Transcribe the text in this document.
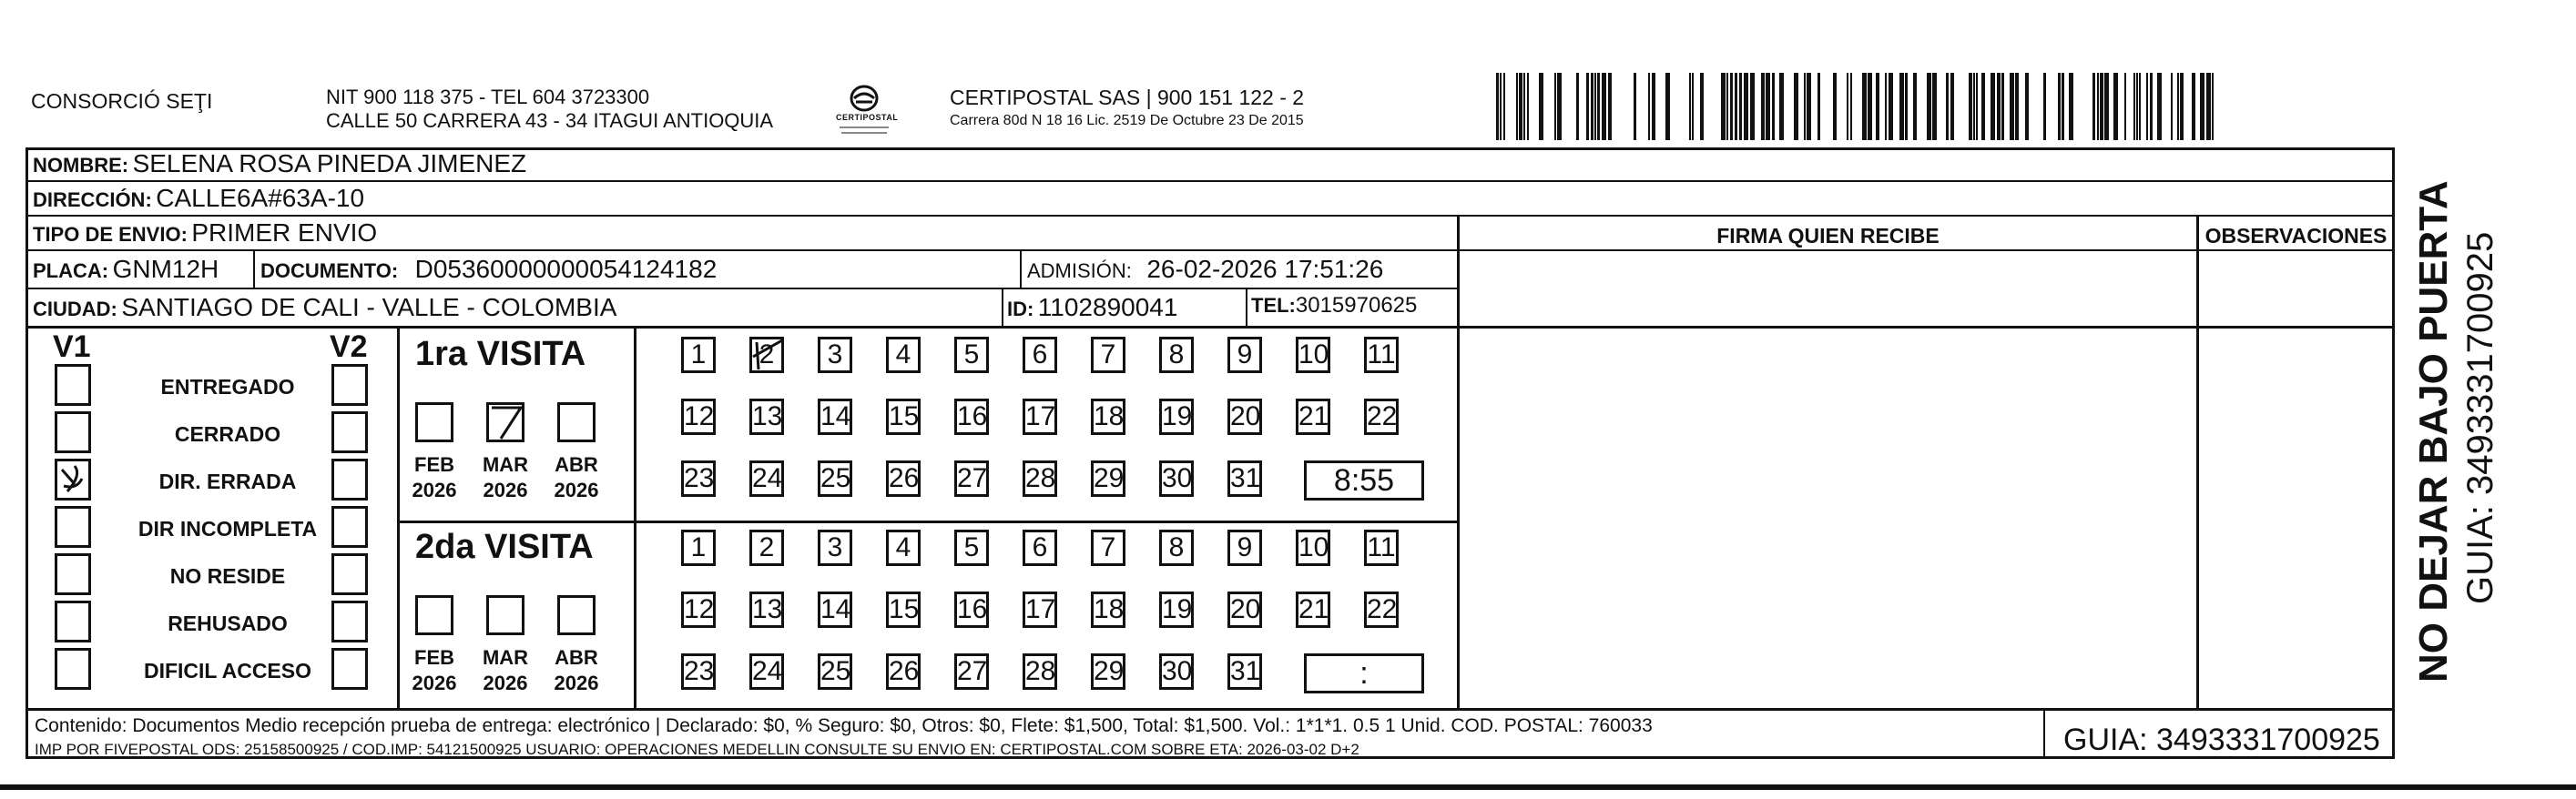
CONSORCIÓ SEŢI	NIT 900 118 375 - TEL 604 3723300
CALLE 50 CARRERA 43 - 34 ITAGUI ANTIOQUIA	CERTIPOSTAL
CERTIPOSTAL SAS | 900 151 122 - 2
Carrera 80d N 18 16 Lic. 2519 De Octubre 23 De 2015
NOMBRE: SELENA ROSA PINEDA JIMENEZ
DIRECCIÓN: CALLE6A#63A-10
TIPO DE ENVIO: PRIMER ENVIO	FIRMA QUIEN RECIBE	OBSERVACIONES
PLACA: GNM12H DOCUMENTO: D05360000000054124182	ADMISIÓN: 26-02-2026 17:51:26
CIUDAD: SANTIAGO DE CALI - VALLE - COLOMBIA	ID: 1102890041	TEL:3015970625
V1	V2
ENTREGADO
CERRADO
DIR. ERRADA
DIR INCOMPLETA
NO RESIDE
REHUSADO
DIFICIL ACCESO
1ra VISITA
2da VISITA
FEB
2026
MAR
2026
ABR
2026
1	2	3	4	5	6	7	8	9	10 11
12 13 14 15 16 17 18 19 20 21 22
23 24 25 26 27 28 29 30 31	8:55
FEB
2026
MAR
2026
ABR
2026
1	2	3	4	5	6	7	8	9	10 11
12 13 14 15 16 17 18 19 20 21 22
23 24 25 26 27 28 29 30 31	:
Contenido: Documentos Medio recepción prueba de entrega: electrónico | Declarado: $0, % Seguro: $0, Otros: $0, Flete: $1,500, Total: $1,500. Vol.: 1*1*1. 0.5 1 Unid. COD. POSTAL: 760033
IMP POR FIVEPOSTAL ODS: 25158500925 / COD.IMP: 54121500925 USUARIO: OPERACIONES MEDELLIN CONSULTE SU ENVIO EN: CERTIPOSTAL.COM SOBRE ETA: 2026-03-02 D+2	GUIA: 3493331700925
NO DEJAR BAJO PUERTA GUIA: 3493331700925
